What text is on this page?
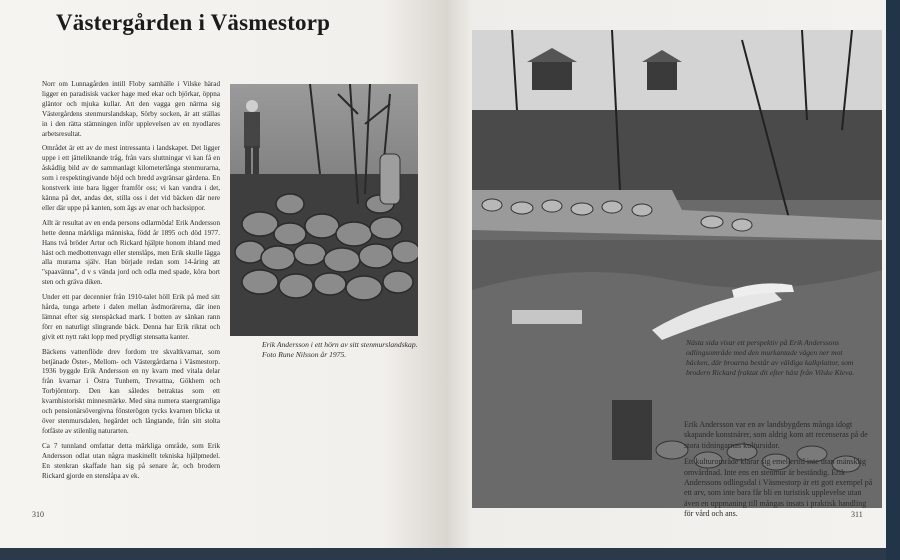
Västergården i Väsmestorp

Norr om Lunnagården intill Floby samhälle i Vilske härad ligger en paradisisk vacker hage med ekar och björkar, öppna gläntor och mjuka kullar. Att den vagga gen närma sig Västergårdens stenmurslandskap, Sörby socken, är att ställas in i den rätta stämningen inför upplevelsen av en nyodlares arbetsresultat.

Området är ett av de mest intressanta i landskapet. Det ligger uppe i ett jätteliknande tråg, från vars sluttningar vi kan få en åskådlig bild av de sammanlagt kilometerlånga stenmurarna, som i respektingivande höjd och bredd avgränsar gärdena. En konstverk inte bara ligger framför oss; vi kan vandra i det, känna på det, andas det, stilla oss i det vid bäcken där nere eller där uppe på kanten, som ägs av enar och backsippor.

Allt är resultat av en enda persons odlarmöda! Erik Andersson hette denna märkliga människa, född år 1895 och död 1977. Hans två bröder Artur och Rickard hjälpte honom ibland med häst och medbottenvagn eller stenslåps, men Erik skulle lägga alla murarna själv. Han började redan som 14-åring att "spaavänna", d v s vända jord och odla med spade, köra bort sten och gräva diken.

Under ett par decennier från 1910-talet höll Erik på med sitt hårda, tunga arbete i dalen mellan åsdmorärerna, där inen lämnat efter sig stenspäckad mark. I botten av sänkan rann förr en naturligt slingrande bäck. Denna har Erik riktat och givit ett nytt rakt lopp med prydligt stensatta kanter.

Bäckens vattenflöde drev fordom tre skvaltkvarnar, som betjänade Öster-, Mellom- och Västergårdarna i Väsmestorp. 1936 byggde Erik Andersson en ny kvarn med vitala delar från kvarnar i Östra Tunhem, Trevattna, Gökhem och Torbjörntorp. Den kan således betraktas som ett kvarnhistoriskt minnesmärke. Med sina numera staergramliga och pensionärsövergivna fönsterögon tycks kvarnen blicka ut över stenmursdalen, hegärdet och långtande, från sitt stolta fotfäste av stilenlig naturarten.

Ca 7 tunnland omfattar detta märkliga område, som Erik Andersson odlat utan några maskinellt tekniska hjälpmedel. En stenkran skaffade han sig på senare år, och brodern Rickard gjorde en stenslåpa av ek.

Erik Andersson i ett hörn av sitt stenmurslandskap. Foto Rune Nilsson år 1975.
310
Nästa sida visar ett perspektiv på Erik Anderssons odlingsområde med den murkantade vägen ner mot bäcken, där broarna består av väldiga kalkplattor, som brodern Rickard fraktat dit efter häst från Vilske Kleva.

Erik Andersson var en av landsbygdens många idogt skapande konstnärer, som aldrig kom att recenseras på de stora tidningarnas kultursidor.

Ett kulturområde klarar sig emellertid inte utan mänsklig omvårdnad. Inte ens en stenmur är beständig. Erik Anderssons odlingsdal i Väsmestorp är ett gott exempel på ett arv, som inte bara får bli en turistisk upplevelse utan även en uppmaning till mångas insats i praktisk handling för vård och ans.	311
